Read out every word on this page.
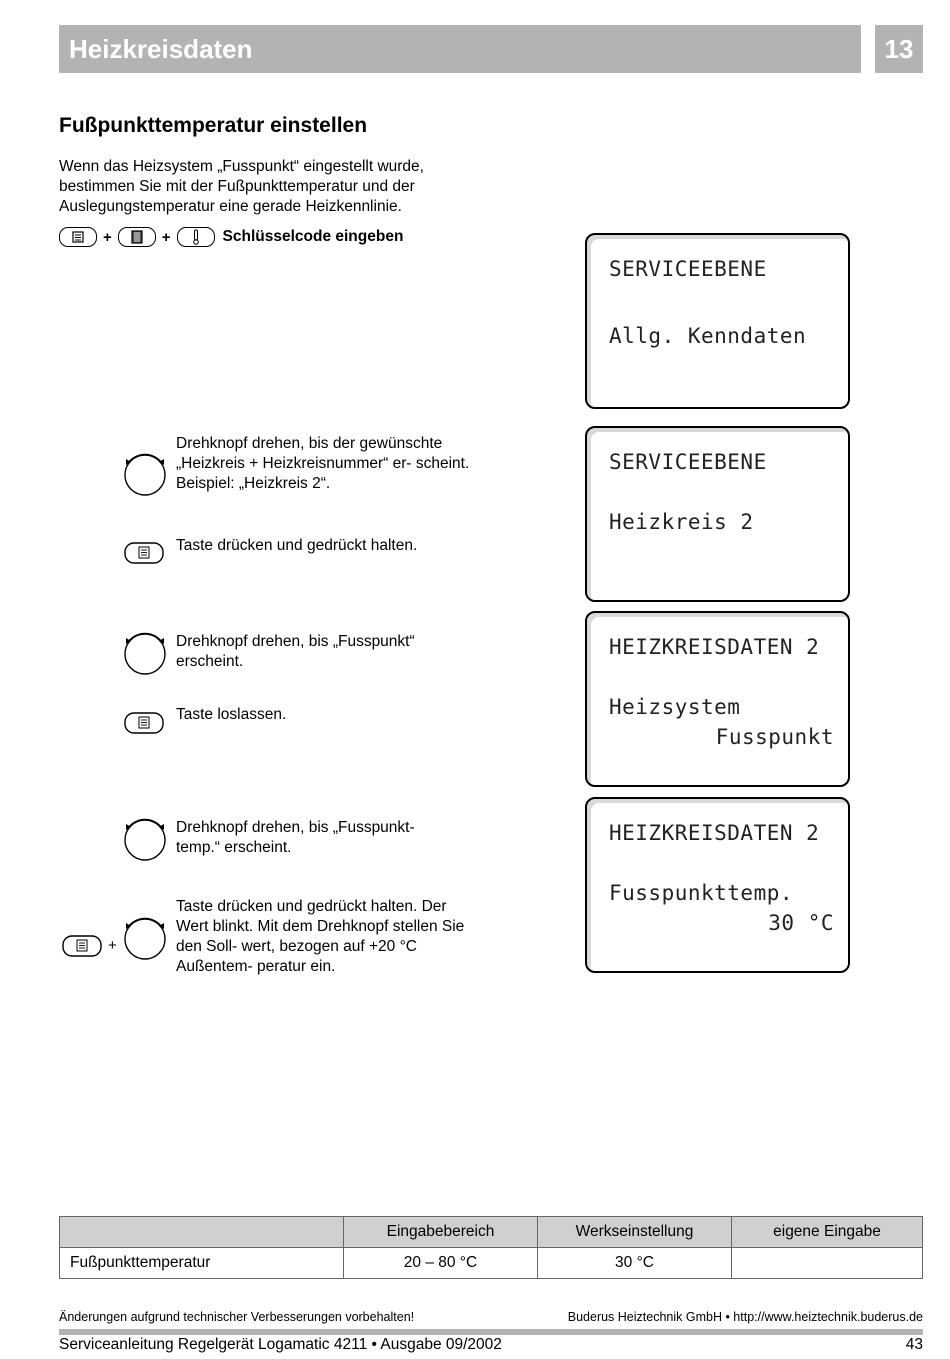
Heizkreisdaten	13
Fußpunkttemperatur einstellen
Wenn das Heizsystem „Fusspunkt“ eingestellt wurde, bestimmen Sie mit der Fußpunkttemperatur und der Auslegungstemperatur eine gerade Heizkennlinie.
+	+	Schlüsselcode eingeben
Drehknopf drehen, bis der gewünschte „Heizkreis + Heizkreisnummer“ er- scheint. Beispiel: „Heizkreis 2“.
Taste drücken und gedrückt halten.
Drehknopf drehen, bis „Fusspunkt“ erscheint.
Taste loslassen.
Drehknopf drehen, bis „Fusspunkt- temp.“ erscheint.
+
Taste drücken und gedrückt halten. Der Wert blinkt. Mit dem Drehknopf stellen Sie den Soll- wert, bezogen auf +20 °C Außentem- peratur ein.
SERVICEEBENE
Allg. Kenndaten
SERVICEEBENE
Heizkreis 2
HEIZKREISDATEN 2
Heizsystem
Fusspunkt
HEIZKREISDATEN 2
Fusspunkttemp.
30 °C
	Eingabebereich	Werkseinstellung	eigene Eingabe
Fußpunkttemperatur	20 – 80 °C	30 °C	
Änderungen aufgrund technischer Verbesserungen vorbehalten!	Buderus Heiztechnik GmbH • http://www.heiztechnik.buderus.de
Serviceanleitung Regelgerät Logamatic 4211 • Ausgabe 09/2002	43
